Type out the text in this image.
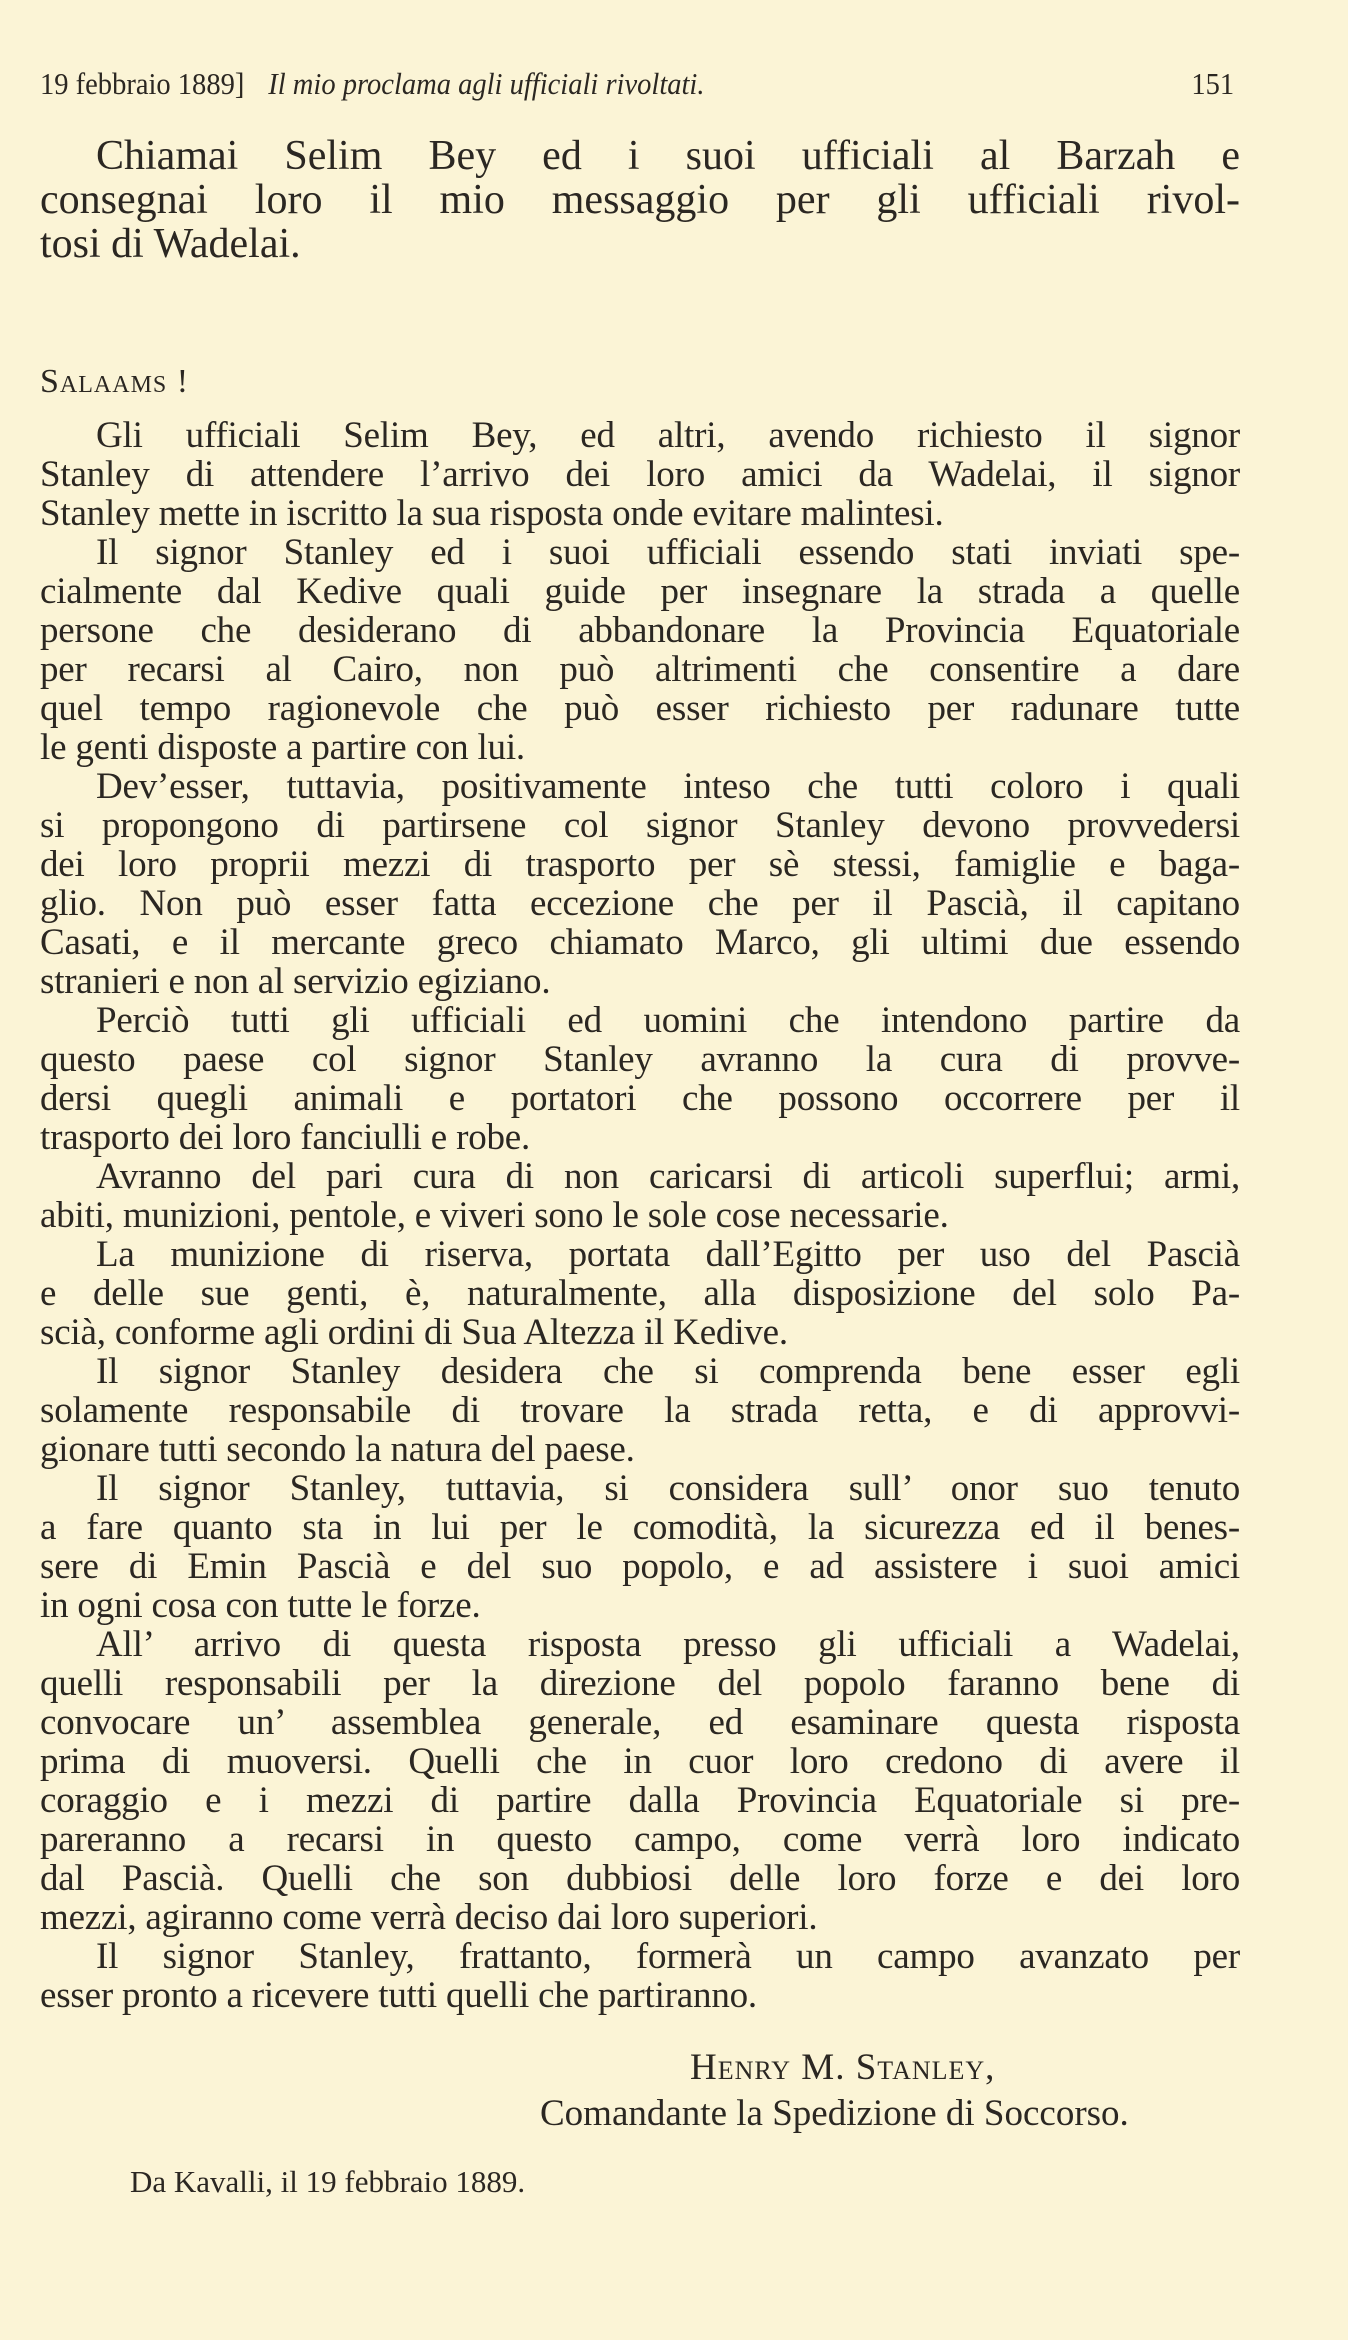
19 febbraio 1889] Il mio proclama agli ufficiali rivoltati.	151
Chiamai Selim Bey ed i suoi ufficiali al Barzah e
consegnai loro il mio messaggio per gli ufficiali rivol-
tosi di Wadelai.
Salaams !
Gli ufficiali Selim Bey, ed altri, avendo richiesto il signor
Stanley di attendere l’arrivo dei loro amici da Wadelai, il signor
Stanley mette in iscritto la sua risposta onde evitare malintesi.
Il signor Stanley ed i suoi ufficiali essendo stati inviati spe-
cialmente dal Kedive quali guide per insegnare la strada a quelle
persone che desiderano di abbandonare la Provincia Equatoriale
per recarsi al Cairo, non può altrimenti che consentire a dare
quel tempo ragionevole che può esser richiesto per radunare tutte
le genti disposte a partire con lui.
Dev’esser, tuttavia, positivamente inteso che tutti coloro i quali
si propongono di partirsene col signor Stanley devono provvedersi
dei loro proprii mezzi di trasporto per sè stessi, famiglie e baga-
glio. Non può esser fatta eccezione che per il Pascià, il capitano
Casati, e il mercante greco chiamato Marco, gli ultimi due essendo
stranieri e non al servizio egiziano.
Perciò tutti gli ufficiali ed uomini che intendono partire da
questo paese col signor Stanley avranno la cura di provve-
dersi quegli animali e portatori che possono occorrere per il
trasporto dei loro fanciulli e robe.
Avranno del pari cura di non caricarsi di articoli superflui; armi,
abiti, munizioni, pentole, e viveri sono le sole cose necessarie.
La munizione di riserva, portata dall’Egitto per uso del Pascià
e delle sue genti, è, naturalmente, alla disposizione del solo Pa-
scià, conforme agli ordini di Sua Altezza il Kedive.
Il signor Stanley desidera che si comprenda bene esser egli
solamente responsabile di trovare la strada retta, e di approvvi-
gionare tutti secondo la natura del paese.
Il signor Stanley, tuttavia, si considera sull’ onor suo tenuto
a fare quanto sta in lui per le comodità, la sicurezza ed il benes-
sere di Emin Pascià e del suo popolo, e ad assistere i suoi amici
in ogni cosa con tutte le forze.
All’ arrivo di questa risposta presso gli ufficiali a Wadelai,
quelli responsabili per la direzione del popolo faranno bene di
convocare un’ assemblea generale, ed esaminare questa risposta
prima di muoversi. Quelli che in cuor loro credono di avere il
coraggio e i mezzi di partire dalla Provincia Equatoriale si pre-
pareranno a recarsi in questo campo, come verrà loro indicato
dal Pascià. Quelli che son dubbiosi delle loro forze e dei loro
mezzi, agiranno come verrà deciso dai loro superiori.
Il signor Stanley, frattanto, formerà un campo avanzato per
esser pronto a ricevere tutti quelli che partiranno.
Henry M. Stanley,
Comandante la Spedizione di Soccorso.
Da Kavalli, il 19 febbraio 1889.
